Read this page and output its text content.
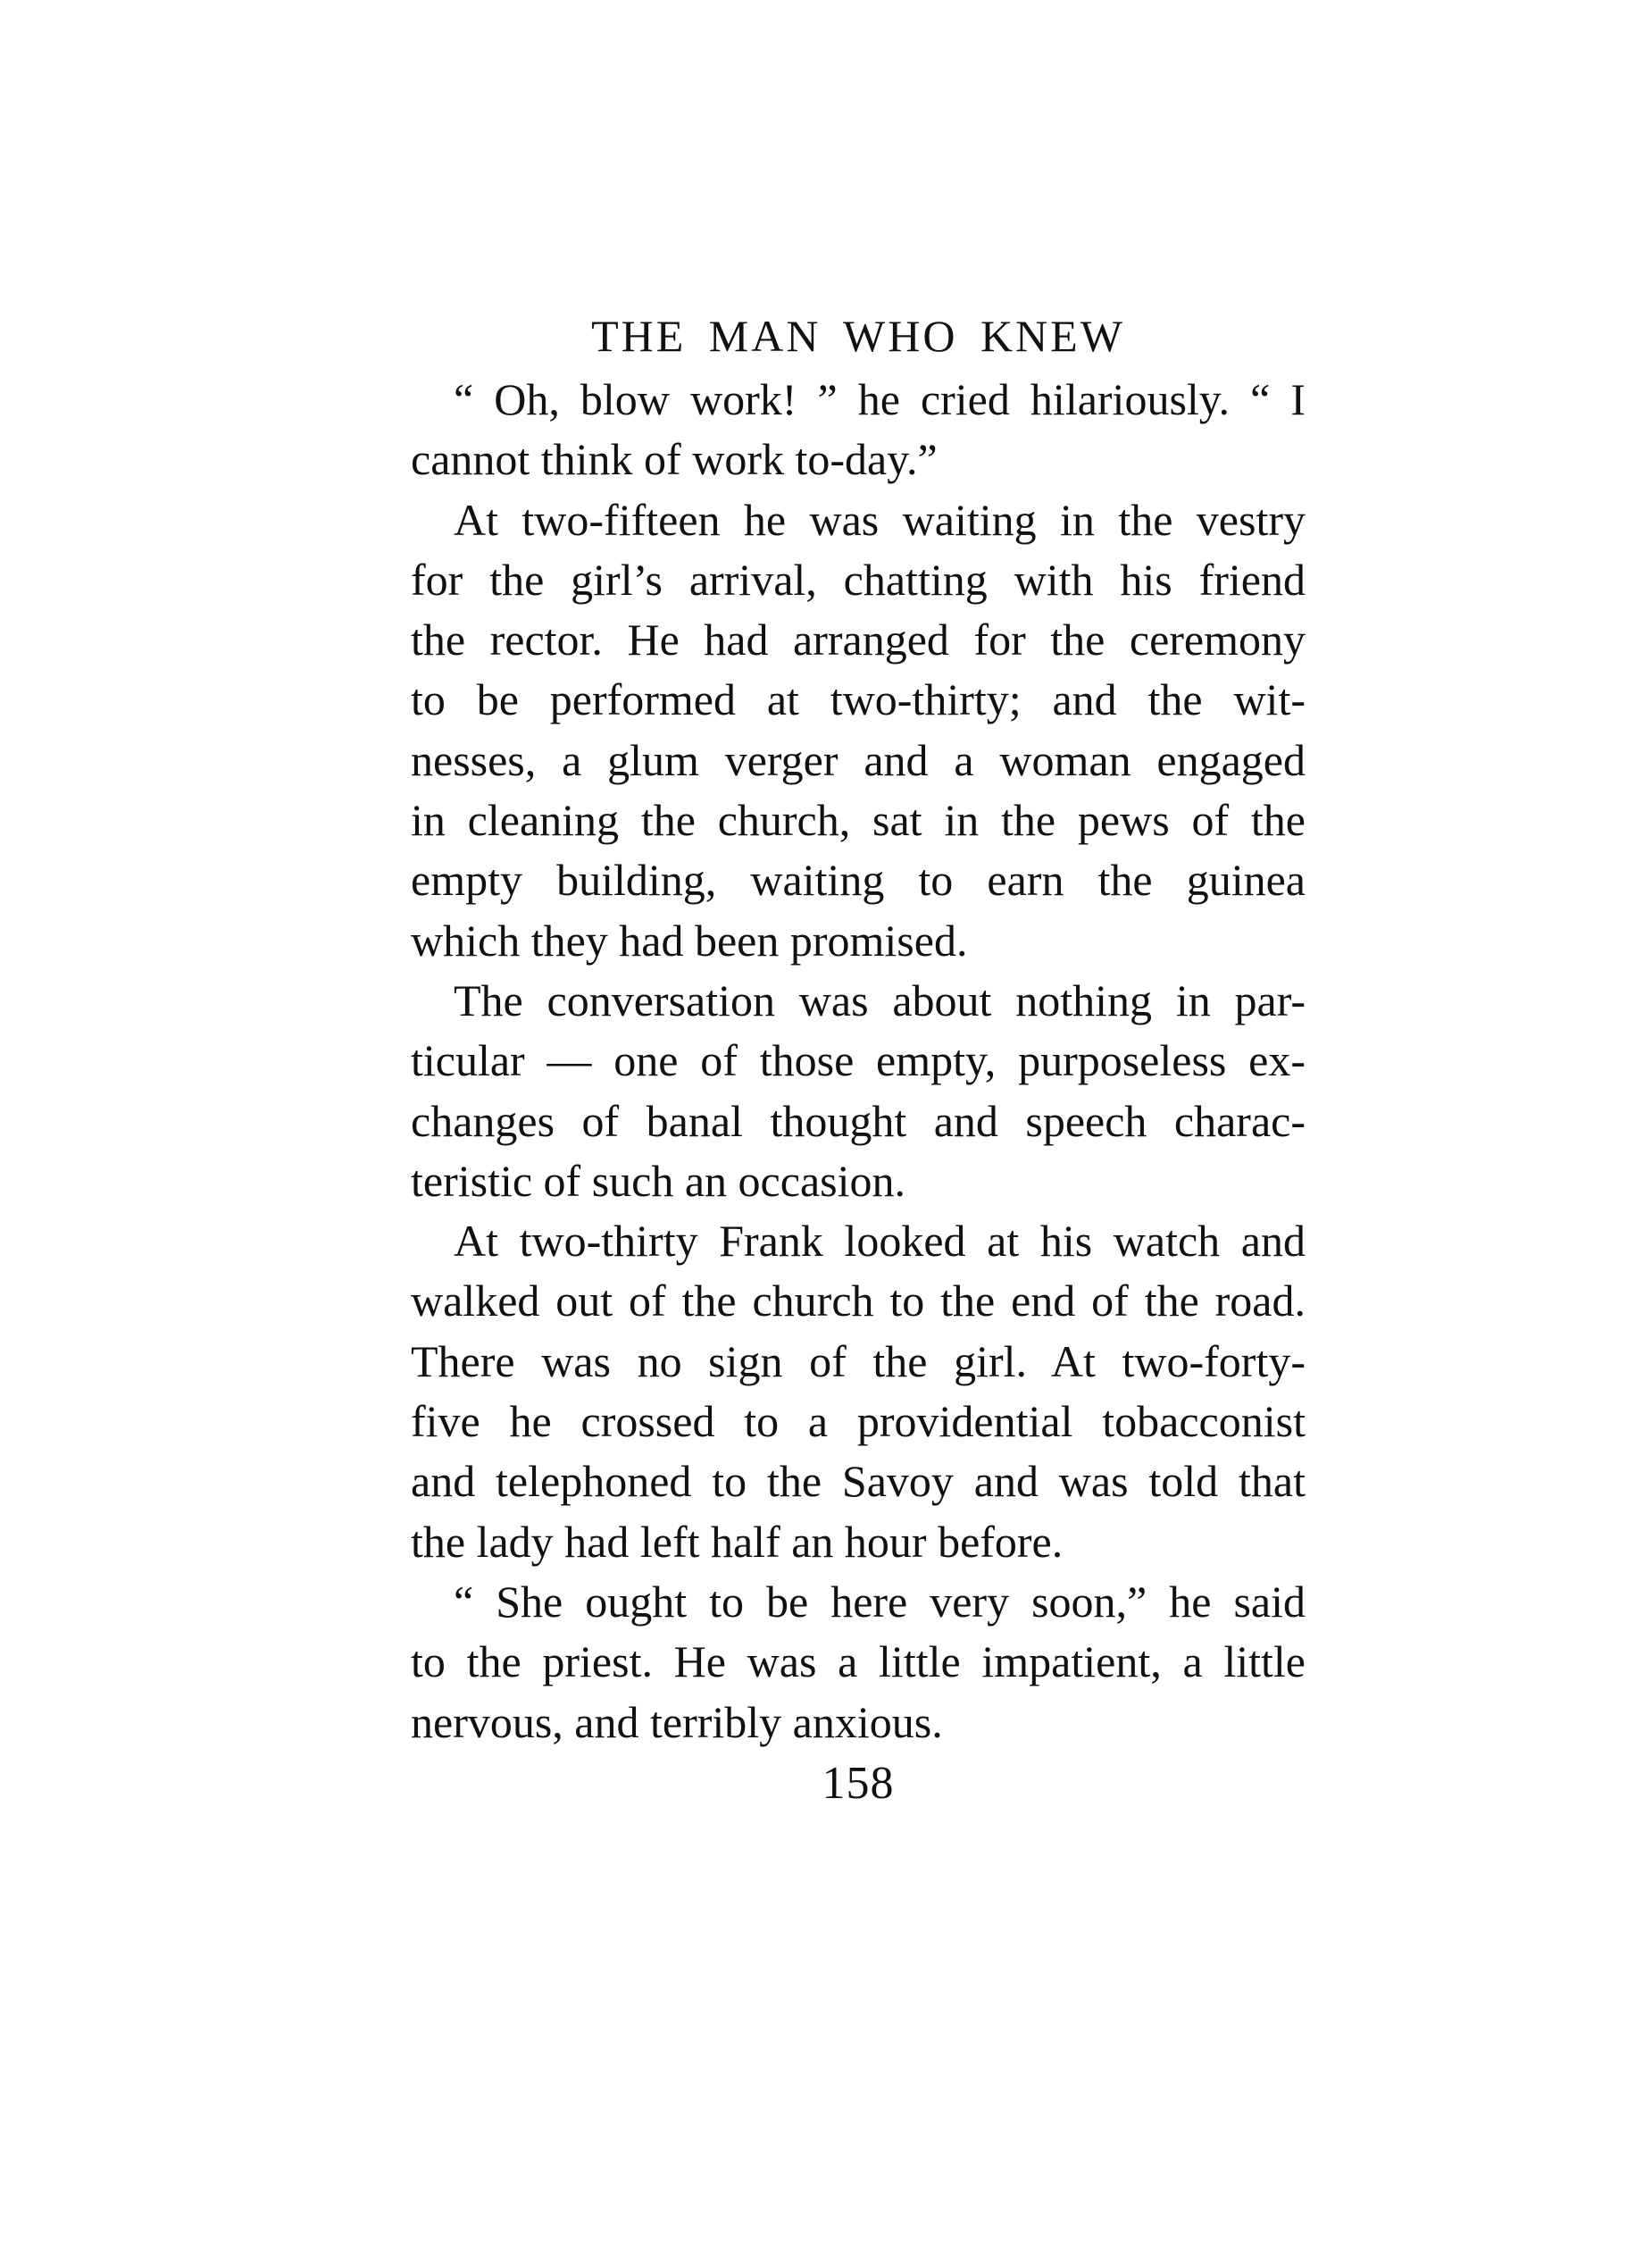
THE MAN WHO KNEW

“ Oh, blow work! ” he cried hilariously. “ I
cannot think of work to-day.”

At two-fifteen he was waiting in the vestry
for the girl’s arrival, chatting with his friend
the rector. He had arranged for the ceremony
to be performed at two-thirty; and the wit-
nesses, a glum verger and a woman engaged
in cleaning the church, sat in the pews of the
empty building, waiting to earn the guinea
which they had been promised.

The conversation was about nothing in par-
ticular — one of those empty, purposeless ex-
changes of banal thought and speech charac-
teristic of such an occasion.

At two-thirty Frank looked at his watch and
walked out of the church to the end of the road.
There was no sign of the girl. At two-forty-
five he crossed to a providential tobacconist
and telephoned to the Savoy and was told that
the lady had left half an hour before.

“ She ought to be here very soon,” he said
to the priest. He was a little impatient, a little
nervous, and terribly anxious.

158
